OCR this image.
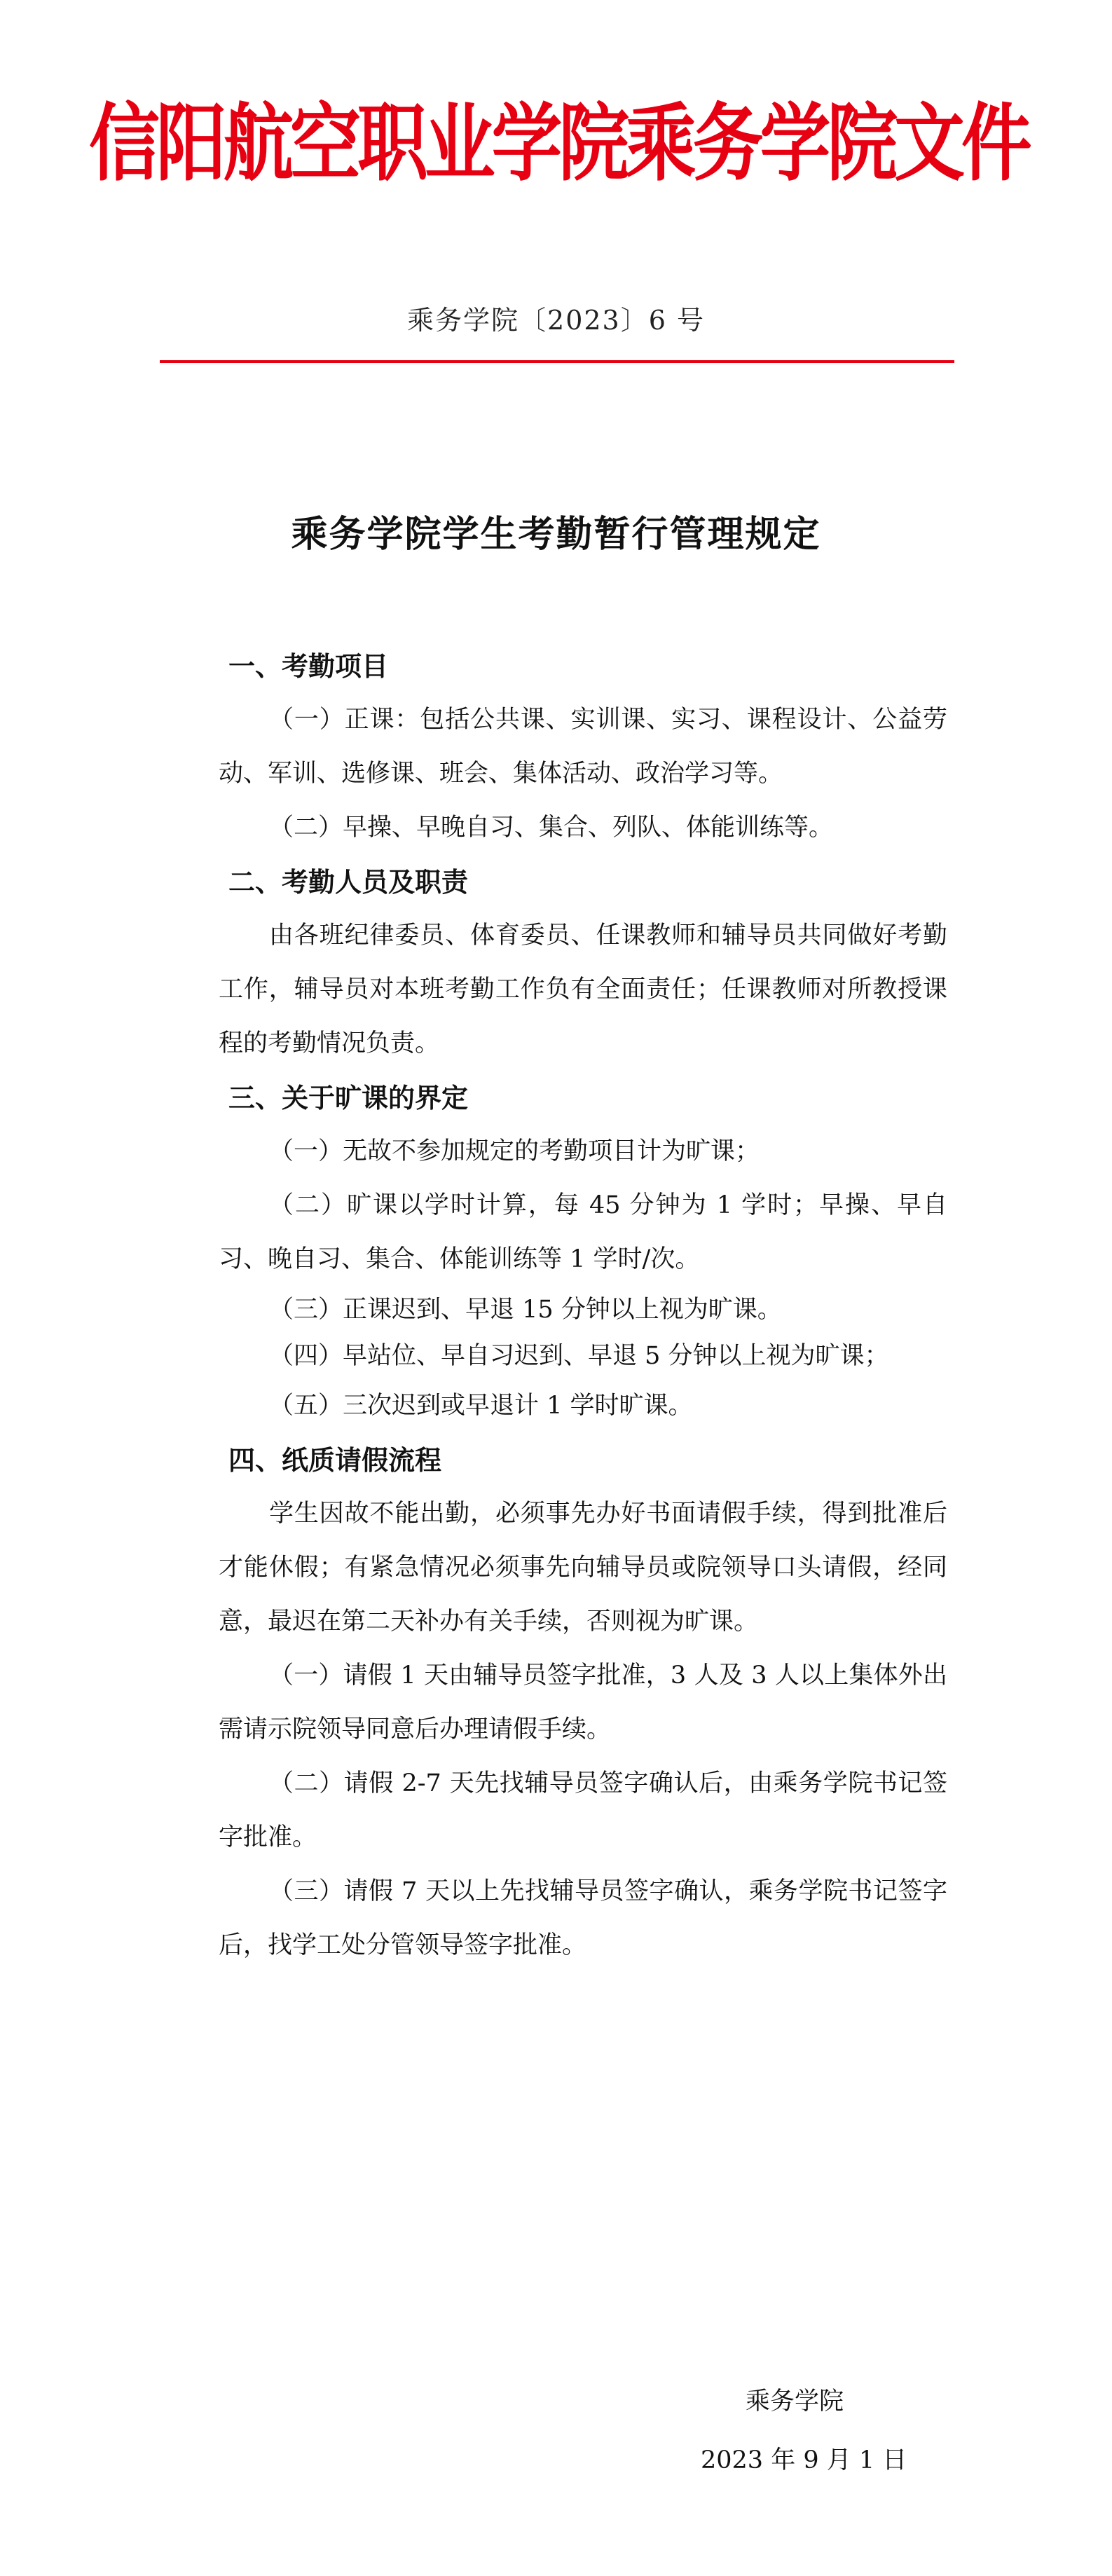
信阳航空职业学院乘务学院文件
乘务学院〔2023〕6 号
乘务学院学生考勤暂行管理规定

一、考勤项目

（一）正课：包括公共课、实训课、实习、课程设计、公益劳动、军训、选修课、班会、集体活动、政治学习等。

（二）早操、早晚自习、集合、列队、体能训练等。

二、考勤人员及职责

由各班纪律委员、体育委员、任课教师和辅导员共同做好考勤工作，辅导员对本班考勤工作负有全面责任；任课教师对所教授课程的考勤情况负责。

三、关于旷课的界定

（一）无故不参加规定的考勤项目计为旷课；

（二）旷课以学时计算，每 45 分钟为 1 学时；早操、早自习、晚自习、集合、体能训练等 1 学时/次。

（三）正课迟到、早退 15 分钟以上视为旷课。

（四）早站位、早自习迟到、早退 5 分钟以上视为旷课；

（五）三次迟到或早退计 1 学时旷课。

四、纸质请假流程

学生因故不能出勤，必须事先办好书面请假手续，得到批准后才能休假；有紧急情况必须事先向辅导员或院领导口头请假，经同意，最迟在第二天补办有关手续，否则视为旷课。

（一）请假 1 天由辅导员签字批准，3 人及 3 人以上集体外出需请示院领导同意后办理请假手续。

（二）请假 2-7 天先找辅导员签字确认后，由乘务学院书记签字批准。

（三）请假 7 天以上先找辅导员签字确认，乘务学院书记签字后，找学工处分管领导签字批准。

乘务学院
2023 年 9 月 1 日
